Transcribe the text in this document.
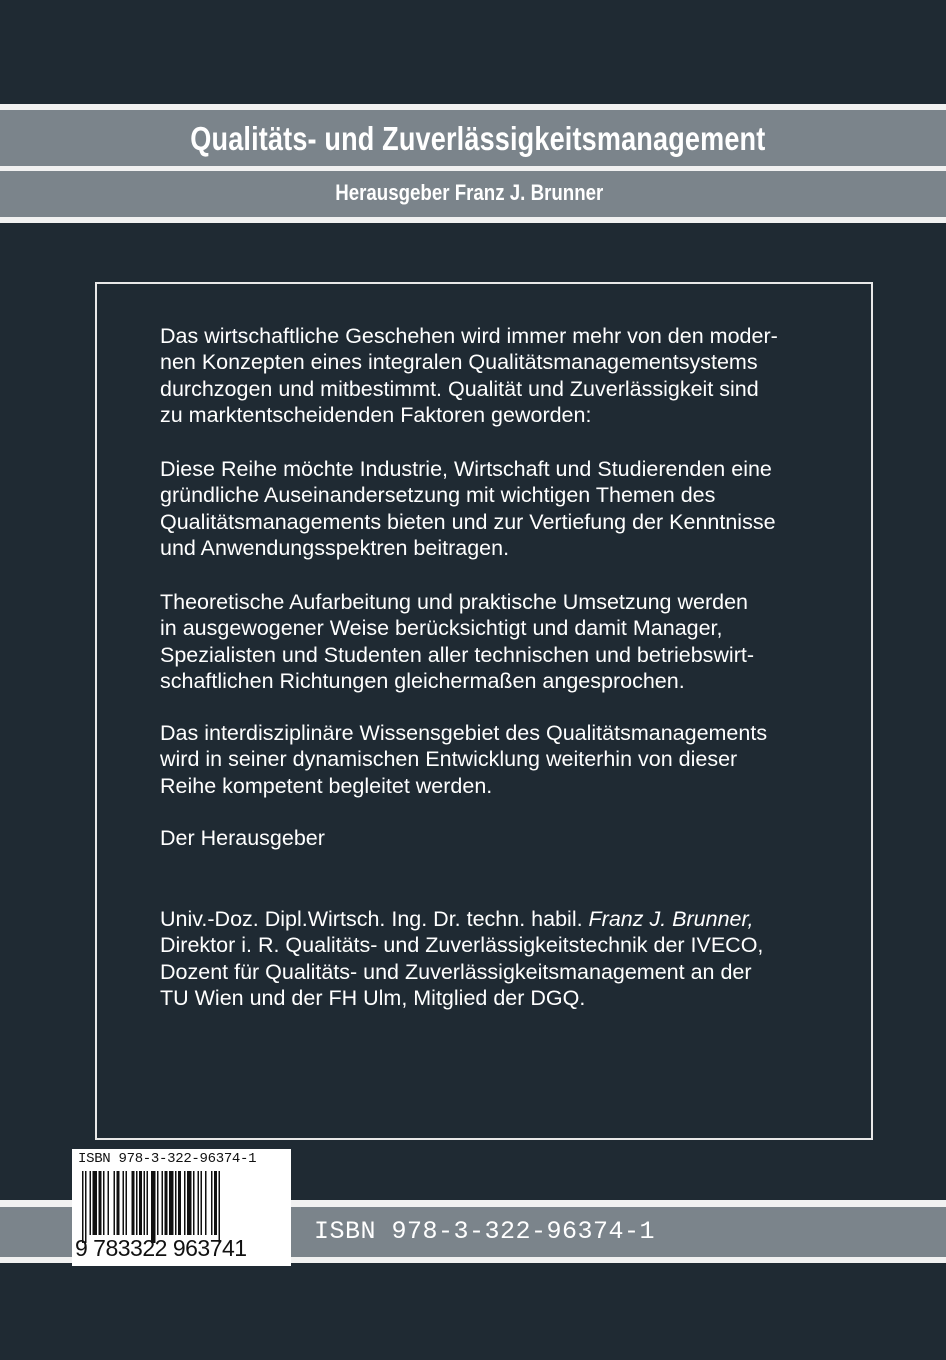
Qualitäts- und Zuverlässigkeitsmanagement
Herausgeber Franz J. Brunner

Das wirtschaftliche Geschehen wird immer mehr von den moder-
nen Konzepten eines integralen Qualitätsmanagementsystems
durchzogen und mitbestimmt. Qualität und Zuverlässigkeit sind
zu marktentscheidenden Faktoren geworden:

Diese Reihe möchte Industrie, Wirtschaft und Studierenden eine
gründliche Auseinandersetzung mit wichtigen Themen des
Qualitätsmanagements bieten und zur Vertiefung der Kenntnisse
und Anwendungsspektren beitragen.

Theoretische Aufarbeitung und praktische Umsetzung werden
in ausgewogener Weise berücksichtigt und damit Manager,
Spezialisten und Studenten aller technischen und betriebswirt-
schaftlichen Richtungen gleichermaßen angesprochen.

Das interdisziplinäre Wissensgebiet des Qualitätsmanagements
wird in seiner dynamischen Entwicklung weiterhin von dieser
Reihe kompetent begleitet werden.

Der Herausgeber

Univ.-Doz. Dipl.Wirtsch. Ing. Dr. techn. habil. Franz J. Brunner,
Direktor i. R. Qualitäts- und Zuverlässigkeitstechnik der IVECO,
Dozent für Qualitäts- und Zuverlässigkeitsmanagement an der
TU Wien und der FH Ulm, Mitglied der DGQ.

ISBN 978-3-322-96374-1
ISBN 978-3-322-96374-1
9 783322 963741
